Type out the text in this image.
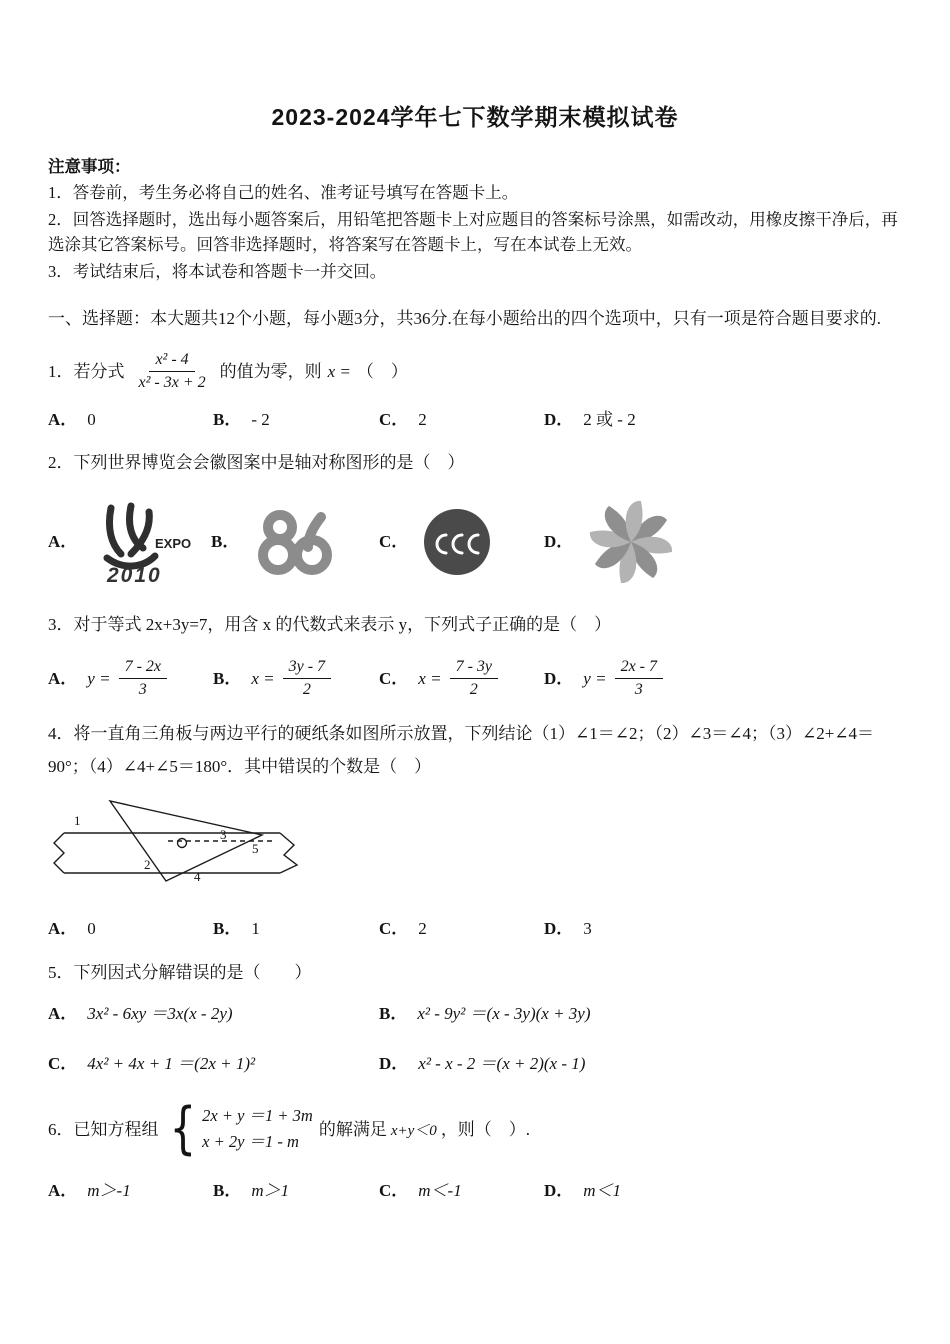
2023-2024学年七下数学期末模拟试卷
注意事项：
1．答卷前，考生务必将自己的姓名、准考证号填写在答题卡上。
2．回答选择题时，选出每小题答案后，用铅笔把答题卡上对应题目的答案标号涂黑，如需改动，用橡皮擦干净后，再选涂其它答案标号。回答非选择题时，将答案写在答题卡上，写在本试卷上无效。
3．考试结束后，将本试卷和答题卡一并交回。
一、选择题：本大题共12个小题，每小题3分，共36分.在每小题给出的四个选项中，只有一项是符合题目要求的.
1．若分式 $\frac{\text{x² - 4}}{\text{x² - 3x + 2}}$ 的值为零，则 x = （　）
A． 0	B． - 2	C． 2	D． 2 或 - 2
2．下列世界博览会会徽图案中是轴对称图形的是（　）
A．	EXPO
2010
B．	C．	D．
3．对于等式 2x+3y=7，用含 x 的代数式来表示 y，下列式子正确的是（　）
A． $y = \frac{7 - 2x}{3}$	B． $x = \frac{3y - 7}{2}$	C． $x = \frac{7 - 3y}{2}$	D． $y = \frac{2x - 7}{3}$
4．将一直角三角板与两边平行的硬纸条如图所示放置，下列结论（1）∠1＝∠2；（2）∠3＝∠4；（3）∠2+∠4＝90°；（4）∠4+∠5＝180°．其中错误的个数是（　）
1
2
3
4
5
A． 0	B． 1	C． 2	D． 3
5．下列因式分解错误的是（　　）
A． 3x² - 6xy ＝3x(x - 2y)	B． x² - 9y² ＝(x - 3y)(x + 3y)
C． 4x² + 4x + 1 ＝(2x + 1)²	D． x² - x - 2 ＝(x + 2)(x - 1)
6．已知方程组 { 2x + y ＝1 + 3m
x + 2y ＝1 - m
的解满足 x+y＜0 ，则（　）.
A． m＞-1	B． m＞1	C． m＜-1	D． m＜1
